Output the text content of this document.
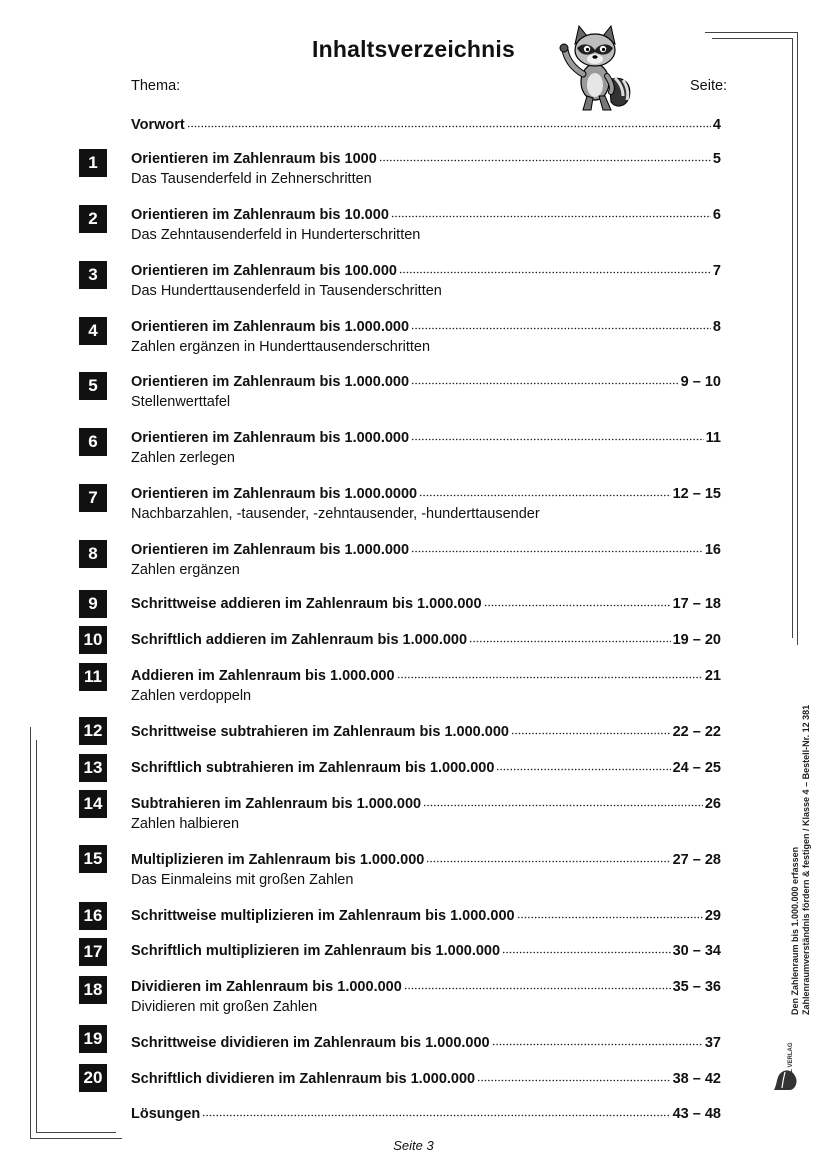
Inhaltsverzeichnis
Thema:	Seite:
Vorwort	4
1	Orientieren im Zahlenraum bis 1000	5
Das Tausenderfeld in Zehnerschritten
2	Orientieren im Zahlenraum bis 10.000	6
Das Zehntausenderfeld in Hunderterschritten
3	Orientieren im Zahlenraum bis 100.000	7
Das Hunderttausenderfeld in Tausenderschritten
4	Orientieren im Zahlenraum bis 1.000.000	8
Zahlen ergänzen in Hunderttausenderschritten
5	Orientieren im Zahlenraum bis 1.000.000	9 – 10
Stellenwerttafel
6	Orientieren im Zahlenraum bis 1.000.000	11
Zahlen zerlegen
7	Orientieren im Zahlenraum bis 1.000.0000	12 – 15
Nachbarzahlen, -tausender, -zehntausender, -hunderttausender
8	Orientieren im Zahlenraum bis 1.000.000	16
Zahlen ergänzen
9	Schrittweise addieren im Zahlenraum bis 1.000.000	17 – 18
10	Schriftlich addieren im Zahlenraum bis 1.000.000	19 – 20
11	Addieren im Zahlenraum bis 1.000.000	21
Zahlen verdoppeln
12	Schrittweise subtrahieren im Zahlenraum bis 1.000.000	22 – 22
13	Schriftlich subtrahieren im Zahlenraum bis 1.000.000	24 – 25
14	Subtrahieren im Zahlenraum bis 1.000.000	26
Zahlen halbieren
15	Multiplizieren im Zahlenraum bis 1.000.000	27 – 28
Das Einmaleins mit großen Zahlen
16	Schrittweise multiplizieren im Zahlenraum bis 1.000.000	29
17	Schriftlich multiplizieren im Zahlenraum bis 1.000.000	30 – 34
18	Dividieren im Zahlenraum bis 1.000.000	35 – 36
Dividieren mit großen Zahlen
19	Schrittweise dividieren im Zahlenraum bis 1.000.000	37
20	Schriftlich dividieren im Zahlenraum bis 1.000.000	38 – 42
Lösungen	43 – 48
Den Zahlenraum bis 1.000.000 erfassen Zahlenraumverständnis fördern & festigen / Klasse 4 – Bestell-Nr. 12 381
KOHL VERLAG
Seite 3
